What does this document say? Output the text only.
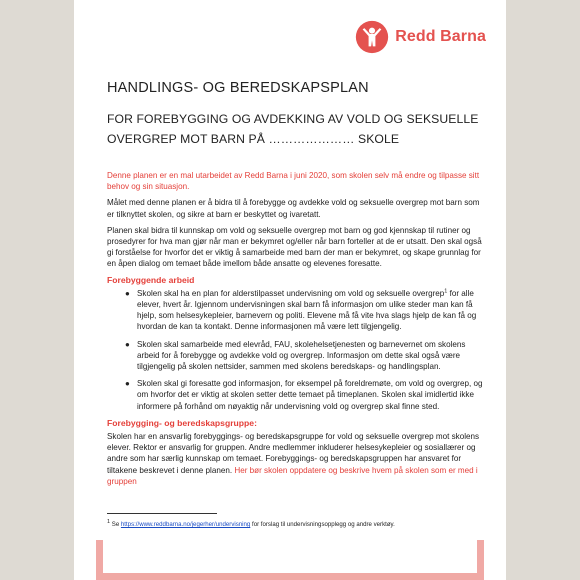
Redd Barna
HANDLINGS- OG BEREDSKAPSPLAN
FOR FOREBYGGING OG AVDEKKING AV VOLD OG SEKSUELLE
OVERGREP MOT BARN PÅ ………………… SKOLE

Denne planen er en mal utarbeidet av Redd Barna i juni 2020, som skolen selv må endre og tilpasse sitt behov og sin situasjon.

Målet med denne planen er å bidra til å forebygge og avdekke vold og seksuelle overgrep mot barn som er tilknyttet skolen, og sikre at barn er beskyttet og ivaretatt.

Planen skal bidra til kunnskap om vold og seksuelle overgrep mot barn og god kjennskap til rutiner og prosedyrer for hva man gjør når man er bekymret og/eller når barn forteller at de er utsatt. Den skal også gi forståelse for hvorfor det er viktig å samarbeide med barn der man er bekymret, og skape grunnlag for en åpen dialog om temaet både imellom både ansatte og elevenes foresatte.

Forebyggende arbeid
● Skolen skal ha en plan for alderstilpasset undervisning om vold og seksuelle overgrep$^1$ for alle elever, hvert år. Igjennom undervisningen skal barn få informasjon om ulike steder man kan få hjelp, som helsesykepleier, barnevern og politi. Elevene må få vite hva slags hjelp de kan få og hvordan de kan ta kontakt. Denne informasjonen må være lett tilgjengelig.
● Skolen skal samarbeide med elevråd, FAU, skolehelsetjenesten og barnevernet om skolens arbeid for å forebygge og avdekke vold og overgrep. Informasjon om dette skal også være tilgjengelig på skolen nettsider, sammen med skolens beredskaps- og handlingsplan.
● Skolen skal gi foresatte god informasjon, for eksempel på foreldremøte, om vold og overgrep, og om hvorfor det er viktig at skolen setter dette temaet på timeplanen. Skolen skal imidlertid ikke informere på forhånd om nøyaktig når undervisning vold og overgrep skal finne sted.
Forebygging- og beredskapsgruppe:

Skolen har en ansvarlig forebyggings- og beredskapsgruppe for vold og seksuelle overgrep mot skolens elever. Rektor er ansvarlig for gruppen. Andre medlemmer inkluderer helsesykepleier og sosiallærer og andre som har særlig kunnskap om temaet. Forebyggings- og beredskapsgruppen har ansvaret for tiltakene beskrevet i denne planen. Her bør skolen oppdatere og beskrive hvem på skolen som er med i gruppen

$^1$ Se https://www.reddbarna.no/jegerher/undervisning for forslag til undervisningsopplegg og andre verktøy.
